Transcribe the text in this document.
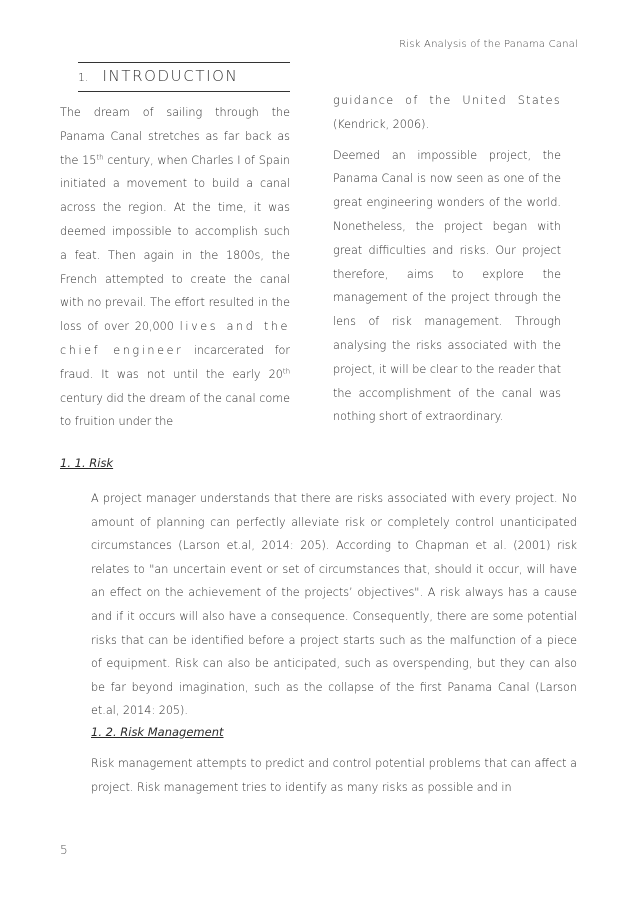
Risk Analysis of the Panama Canal
1. INTRODUCTION

The dream of sailing through the Panama Canal stretches as far back as the 15th century, when Charles I of Spain initiated a movement to build a canal across the region. At the time, it was deemed impossible to accomplish such a feat. Then again in the 1800s, the French attempted to create the canal with no prevail. The effort resulted in the loss of over 20,000 lives and the chief engineer incarcerated for fraud. It was not until the early 20th century did the dream of the canal come to fruition under the

guidance of the United States (Kendrick, 2006).

Deemed an impossible project, the Panama Canal is now seen as one of the great engineering wonders of the world. Nonetheless, the project began with great difficulties and risks. Our project therefore, aims to explore the management of the project through the lens of risk management. Through analysing the risks associated with the project, it will be clear to the reader that the accomplishment of the canal was nothing short of extraordinary.

1. 1. Risk

A project manager understands that there are risks associated with every project. No amount of planning can perfectly alleviate risk or completely control unanticipated circumstances (Larson et.al, 2014: 205). According to Chapman et al. (2001) risk relates to "an uncertain event or set of circumstances that, should it occur, will have an effect on the achievement of the projects’ objectives". A risk always has a cause and if it occurs will also have a consequence. Consequently, there are some potential risks that can be identified before a project starts such as the malfunction of a piece of equipment. Risk can also be anticipated, such as overspending, but they can also be far beyond imagination, such as the collapse of the first Panama Canal (Larson et.al, 2014: 205).

1. 2. Risk Management

Risk management attempts to predict and control potential problems that can affect a project. Risk management tries to identify as many risks as possible and in

5
